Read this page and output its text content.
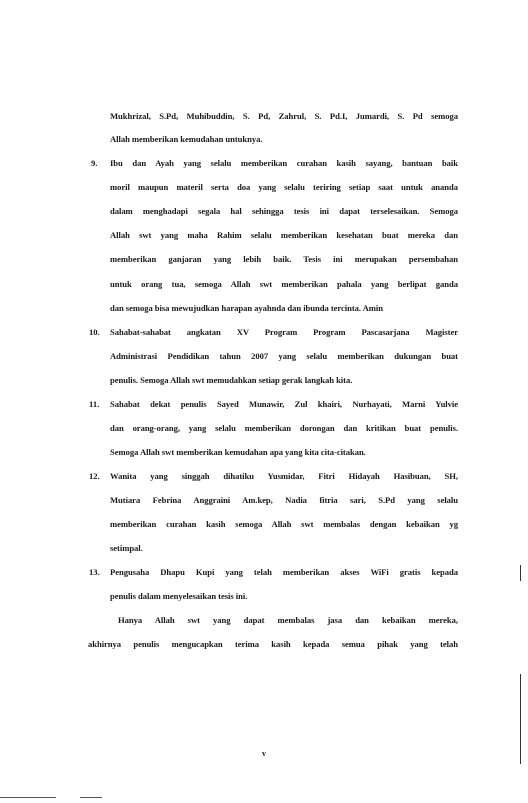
Mukhrizal, S.Pd, Muhibuddin, S. Pd, Zahrul, S. Pd.I, Jumardi, S. Pd semoga
Allah memberikan kemudahan untuknya.
9. Ibu dan Ayah yang selalu memberikan curahan kasih sayang, bantuan baik
moril maupun materil serta doa yang selalu teriring setiap saat untuk ananda
dalam menghadapi segala hal sehingga tesis ini dapat terselesaikan. Semoga
Allah swt yang maha Rahim selalu memberikan kesehatan buat mereka dan
memberikan ganjaran yang lebih baik. Tesis ini merupakan persembahan
untuk orang tua, semoga Allah swt memberikan pahala yang berlipat ganda
dan semoga bisa mewujudkan harapan ayahnda dan ibunda tercinta. Amin
10. Sahabat-sahabat angkatan XV Program Program Pascasarjana Magister
Administrasi Pendidikan tahun 2007 yang selalu memberikan dukungan buat
penulis. Semoga Allah swt memudahkan setiap gerak langkah kita.
11. Sahabat dekat penulis Sayed Munawir, Zul khairi, Nurhayati, Marni Yulvie
dan orang-orang, yang selalu memberikan dorongan dan kritikan buat penulis.
Semoga Allah swt memberikan kemudahan apa yang kita cita-citakan.
12. Wanita yang singgah dihatiku Yusmidar, Fitri Hidayah Hasibuan, SH,
Mutiara Febrina Anggraini Am.kep, Nadia fitria sari, S.Pd yang selalu
memberikan curahan kasih semoga Allah swt membalas dengan kebaikan yg
setimpal.
13. Pengusaha Dhapu Kupi yang telah memberikan akses WiFi gratis kepada
penulis dalam menyelesaikan tesis ini.
Hanya Allah swt yang dapat membalas jasa dan kebaikan mereka,
akhirnya penulis mengucapkan terima kasih kepada semua pihak yang telah
v
